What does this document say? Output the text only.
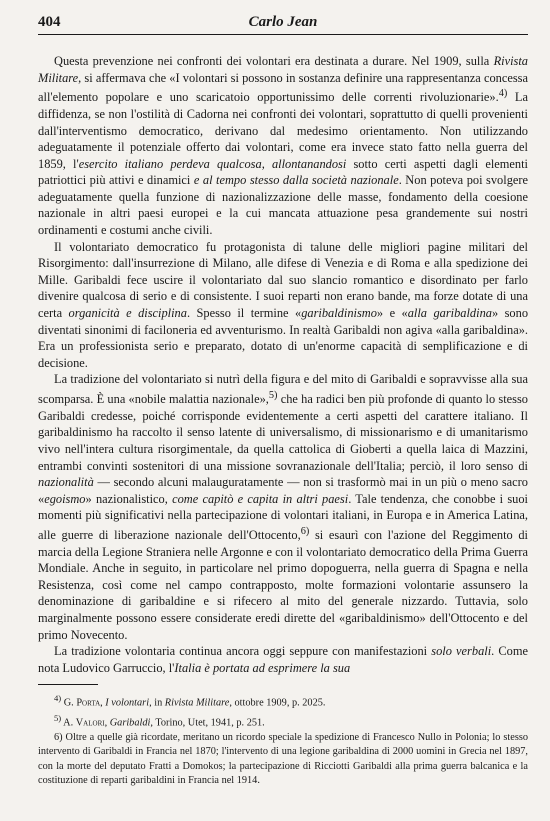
404	Carlo Jean

Questa prevenzione nei confronti dei volontari era destinata a durare. Nel 1909, sulla Rivista Militare, si affermava che «I volontari si possono in sostanza definire una rappresentanza concessa all'elemento popolare e uno scaricatoio opportunissimo delle correnti rivoluzionarie».$^{4)}$ La diffidenza, se non l'ostilità di Cadorna nei confronti dei volontari, soprattutto di quelli provenienti dall'interventismo democratico, derivano dal medesimo orientamento. Non utilizzando adeguatamente il potenziale offerto dai volontari, come era invece stato fatto nella guerra del 1859, l'esercito italiano perdeva qualcosa, allontanandosi sotto certi aspetti dagli elementi patriottici più attivi e dinamici e al tempo stesso dalla società nazionale. Non poteva poi svolgere adeguatamente quella funzione di nazionalizzazione delle masse, fondamento della coesione nazionale in altri paesi europei e la cui mancata attuazione pesa grandemente sui nostri ordinamenti e costumi anche civili.

Il volontariato democratico fu protagonista di talune delle migliori pagine militari del Risorgimento: dall'insurrezione di Milano, alle difese di Venezia e di Roma e alla spedizione dei Mille. Garibaldi fece uscire il volontariato dal suo slancio romantico e disordinato per farlo divenire qualcosa di serio e di consistente. I suoi reparti non erano bande, ma forze dotate di una certa organicità e disciplina. Spesso il termine «garibaldinismo» e «alla garibaldina» sono diventati sinonimi di faciloneria ed avventurismo. In realtà Garibaldi non agiva «alla garibaldina». Era un professionista serio e preparato, dotato di un'enorme capacità di semplificazione e di decisione.

La tradizione del volontariato si nutrì della figura e del mito di Garibaldi e sopravvisse alla sua scomparsa. È una «nobile malattia nazionale»,$^{5)}$ che ha radici ben più profonde di quanto lo stesso Garibaldi credesse, poiché corrisponde evidentemente a certi aspetti del carattere italiano. Il garibaldinismo ha raccolto il senso latente di universalismo, di missionarismo e di umanitarismo vivo nell'intera cultura risorgimentale, da quella cattolica di Gioberti a quella laica di Mazzini, entrambi convinti sostenitori di una missione sovranazionale dell'Italia; perciò, il loro senso di nazionalità — secondo alcuni malauguratamente — non si trasformò mai in un più o meno sacro «egoismo» nazionalistico, come capitò e capita in altri paesi. Tale tendenza, che conobbe i suoi momenti più significativi nella partecipazione di volontari italiani, in Europa e in America Latina, alle guerre di liberazione nazionale dell'Ottocento,$^{6)}$ si esaurì con l'azione del Reggimento di marcia della Legione Straniera nelle Argonne e con il volontariato democratico della Prima Guerra Mondiale. Anche in seguito, in particolare nel primo dopoguerra, nella guerra di Spagna e nella Resistenza, così come nel campo contrapposto, molte formazioni volontarie assunsero la denominazione di garibaldine e si rifecero al mito del generale nizzardo. Tuttavia, solo marginalmente possono essere considerate eredi dirette del «garibaldinismo» dell'Ottocento e del primo Novecento.

La tradizione volontaria continua ancora oggi seppure con manifestazioni solo verbali. Come nota Ludovico Garruccio, l'Italia è portata ad esprimere la sua

$^{4)}$ G. Porta, I volontari, in Rivista Militare, ottobre 1909, p. 2025.

$^{5)}$ A. Valori, Garibaldi, Torino, Utet, 1941, p. 251.

6) Oltre a quelle già ricordate, meritano un ricordo speciale la spedizione di Francesco Nullo in Polonia; lo stesso intervento di Garibaldi in Francia nel 1870; l'intervento di una legione garibaldina di 2000 uomini in Grecia nel 1897, con la morte del deputato Fratti a Domokos; la partecipazione di Ricciotti Garibaldi alla prima guerra balcanica e la costituzione di reparti garibaldini in Francia nel 1914.
